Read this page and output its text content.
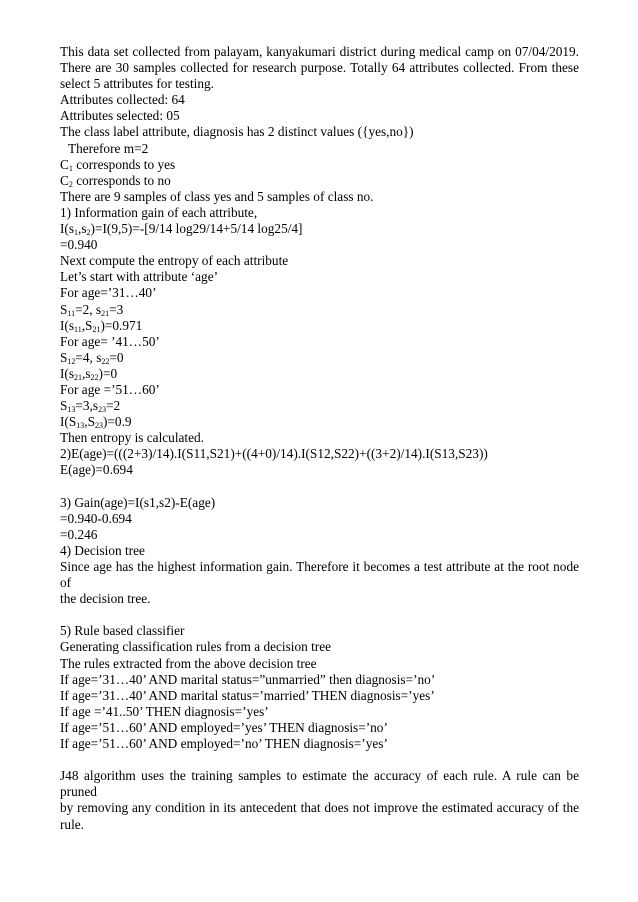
This data set collected from palayam, kanyakumari district during medical camp on 07/04/2019.
There are 30 samples collected for research purpose. Totally 64 attributes collected. From these
select 5 attributes for testing.
Attributes collected: 64
Attributes selected: 05
The class label attribute, diagnosis has 2 distinct values ({yes,no})
Therefore m=2
$C_1$ corresponds to yes
$C_2$ corresponds to no
There are 9 samples of class yes and 5 samples of class no.
1) Information gain of each attribute,
$I(s_1,s_2)=I(9,5)=-[9/14$ log29/14+5/14 log25/4]
=0.940
Next compute the entropy of each attribute
Let’s start with attribute ‘age’
For age=’31…40’
$S_{11}=2$, $s_{21}=3$
$I(s_{11},S_{21})=0.971$
For age= ’41…50’
$S_{12}=4$, $s_{22}=0$
$I(s_{21},s_{22})=0$
For age =’51…60’
$S_{13}=3,s_{23}=2$
$I(S_{13},S_{23})=0.9$
Then entropy is calculated.
2)E(age)=(((2+3)/14).I(S11,S21)+((4+0)/14).I(S12,S22)+((3+2)/14).I(S13,S23))
E(age)=0.694
3) Gain(age)=I(s1,s2)-E(age)
=0.940-0.694
=0.246
4) Decision tree
Since age has the highest information gain. Therefore it becomes a test attribute at the root node of
the decision tree.
5) Rule based classifier
Generating classification rules from a decision tree
The rules extracted from the above decision tree
If age=’31…40’ AND marital status=”unmarried” then diagnosis=’no’
If age=’31…40’ AND marital status=’married’ THEN diagnosis=’yes’
If age =’41..50’ THEN diagnosis=’yes’
If age=’51…60’ AND employed=’yes’ THEN diagnosis=’no’
If age=’51…60’ AND employed=’no’ THEN diagnosis=’yes’
J48 algorithm uses the training samples to estimate the accuracy of each rule. A rule can be pruned
by removing any condition in its antecedent that does not improve the estimated accuracy of the
rule.
